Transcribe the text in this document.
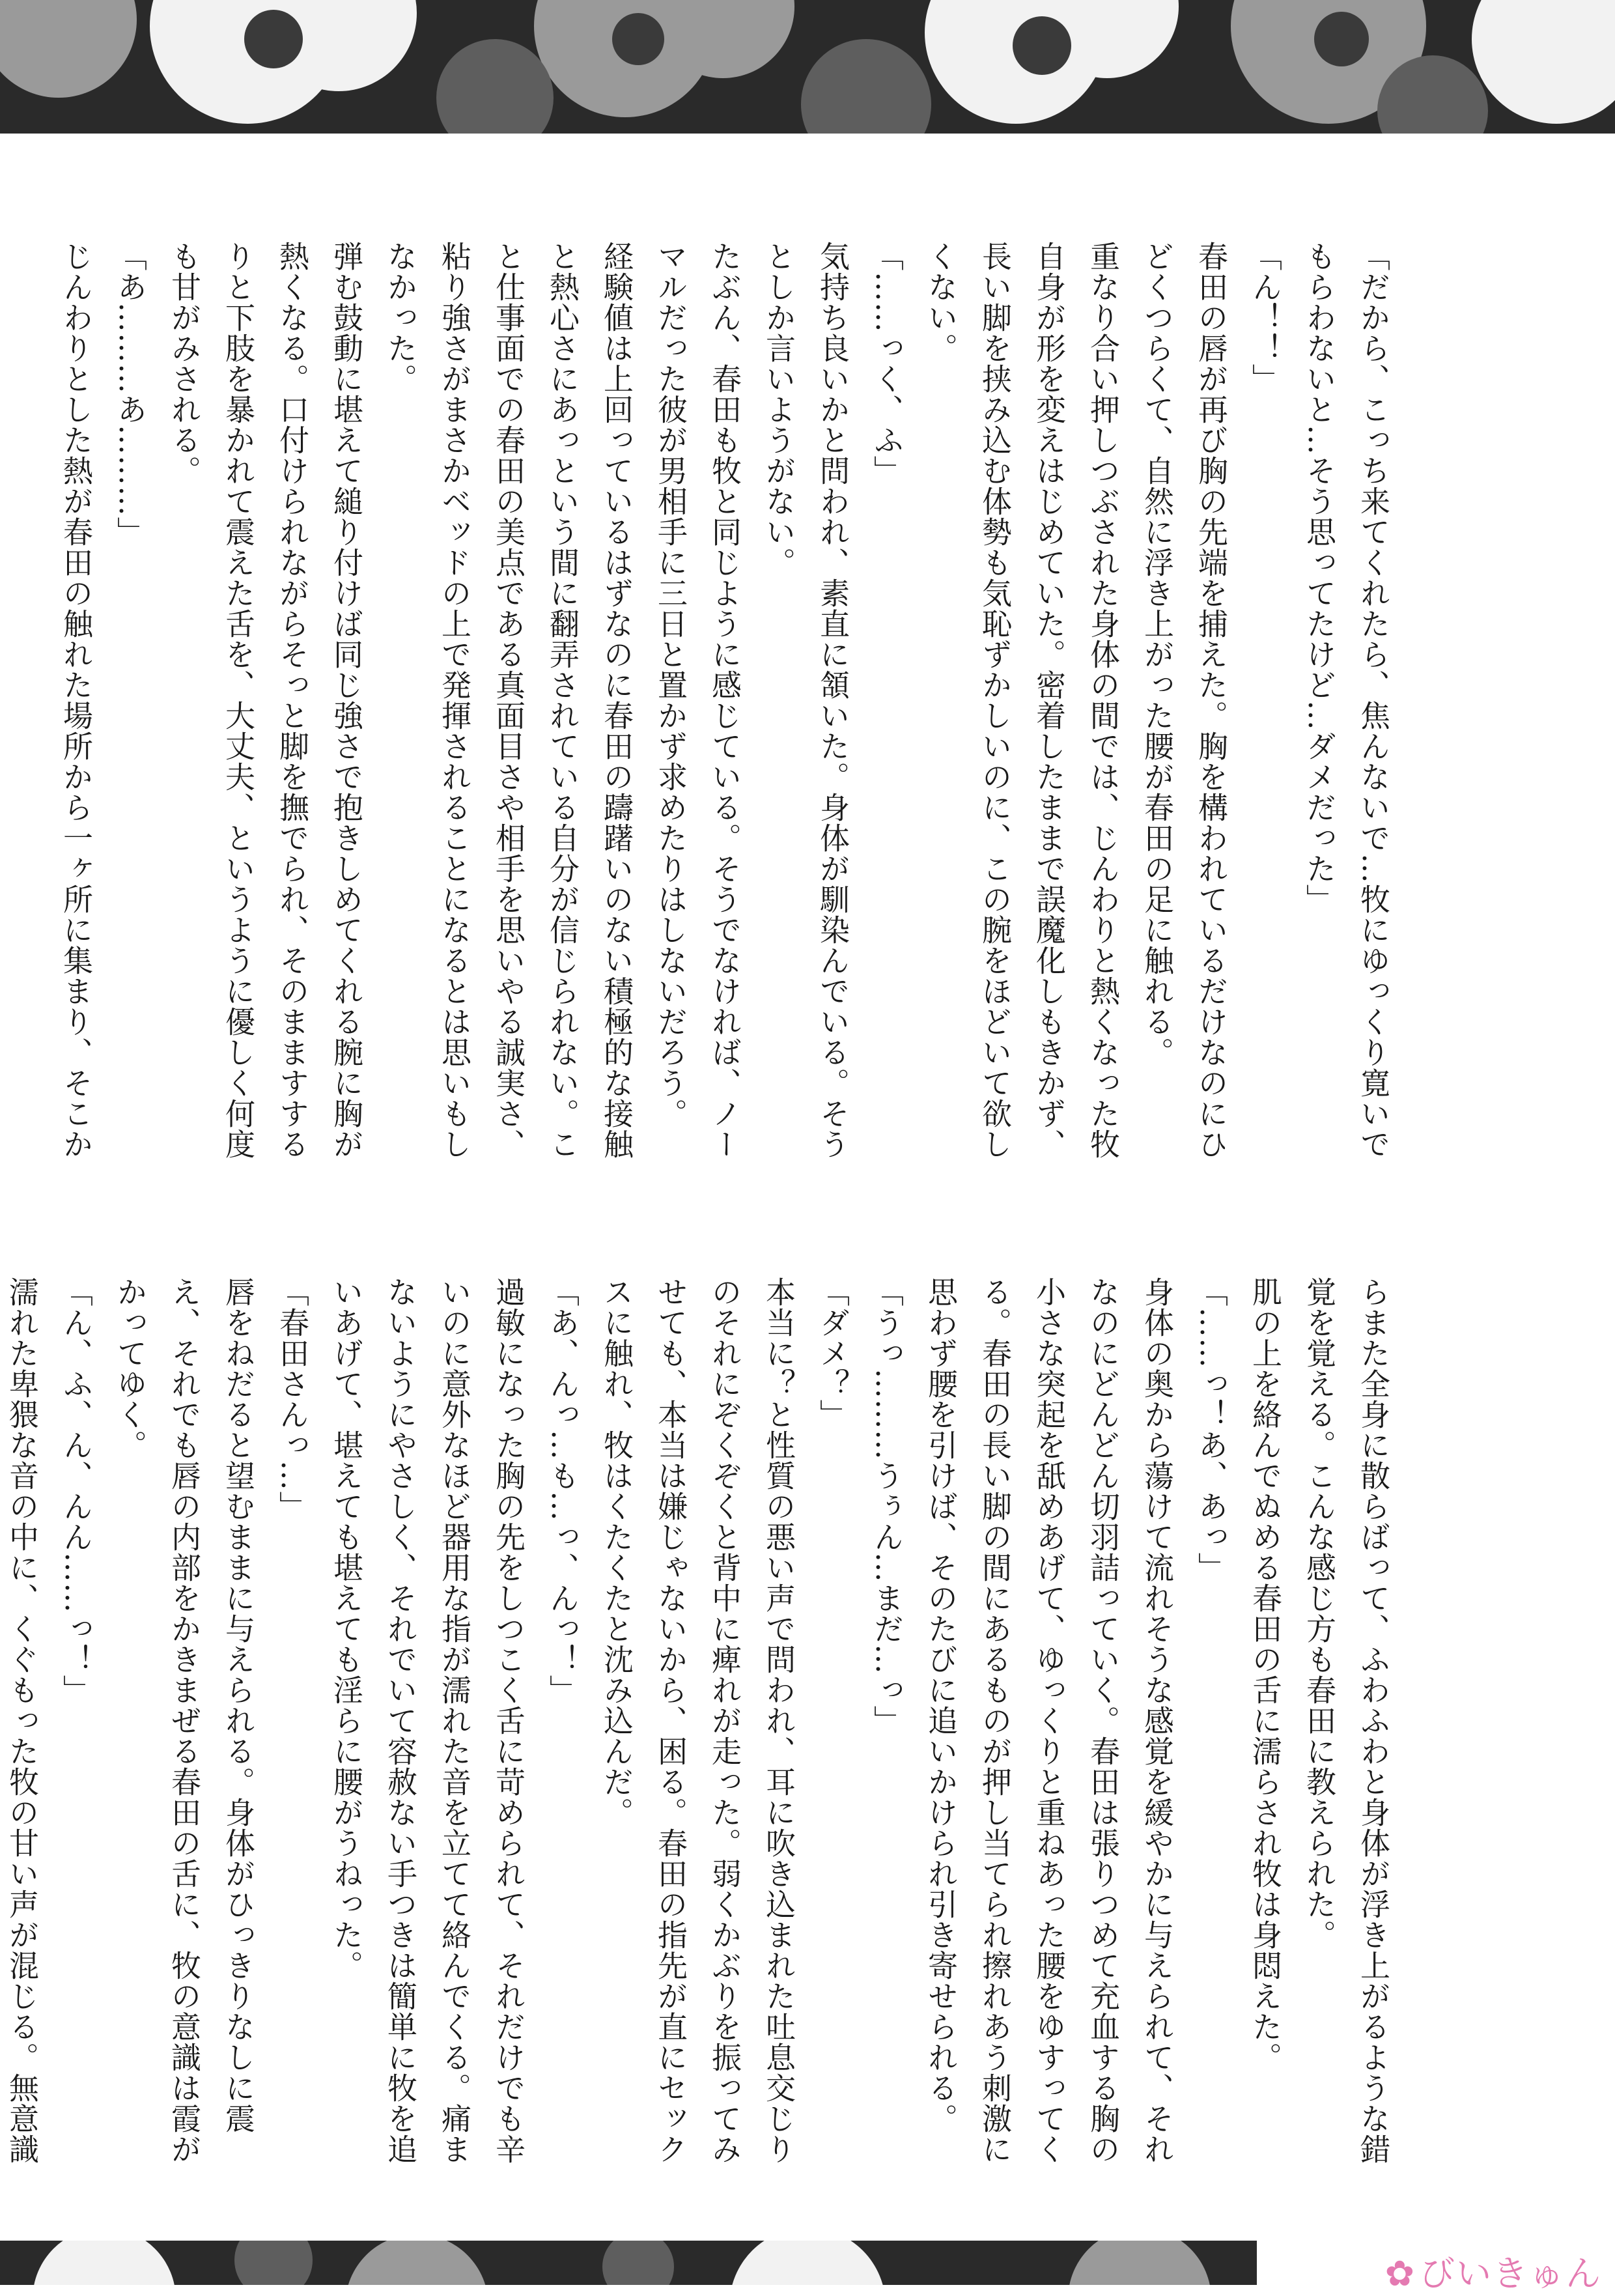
「だから、こっち来てくれたら、焦んないで…牧にゆっくり寛いでもらわないと…そう思ってたけど…ダメだった」

「ん！！」

春田の唇が再び胸の先端を捕えた。胸を構われているだけなのにひどくつらくて、自然に浮き上がった腰が春田の足に触れる。

重なり合い押しつぶされた身体の間では、じんわりと熱くなった牧自身が形を変えはじめていた。密着したままで誤魔化しもきかず、長い脚を挟み込む体勢も気恥ずかしいのに、この腕をほどいて欲しくない。

「……っく、ふ」

気持ち良いかと問われ、素直に頷いた。身体が馴染んでいる。そうとしか言いようがない。

たぶん、春田も牧と同じように感じている。そうでなければ、ノーマルだった彼が男相手に三日と置かず求めたりはしないだろう。

経験値は上回っているはずなのに春田の躊躇いのない積極的な接触と熱心さにあっという間に翻弄されている自分が信じられない。こと仕事面での春田の美点である真面目さや相手を思いやる誠実さ、粘り強さがまさかベッドの上で発揮されることになるとは思いもしなかった。

弾む鼓動に堪えて縋り付けば同じ強さで抱きしめてくれる腕に胸が熱くなる。口付けられながらそっと脚を撫でられ、そのまますするりと下肢を暴かれて震えた舌を、大丈夫、というように優しく何度も甘がみされる。

「あ………あ………」

じんわりとした熱が春田の触れた場所から一ヶ所に集まり、そこか

らまた全身に散らばって、ふわふわと身体が浮き上がるような錯覚を覚える。こんな感じ方も春田に教えられた。

肌の上を絡んでぬめる春田の舌に濡らされ牧は身悶えた。

「……っ！あ、あっ」

身体の奥から蕩けて流れそうな感覚を緩やかに与えられて、それなのにどんどん切羽詰っていく。春田は張りつめて充血する胸の小さな突起を舐めあげて、ゆっくりと重ねあった腰をゆすってくる。春田の長い脚の間にあるものが押し当てられ擦れあう刺激に思わず腰を引けば、そのたびに追いかけられ引き寄せられる。

「うっ………うぅん…まだ…っ」

「ダメ？」

本当に？と性質の悪い声で問われ、耳に吹き込まれた吐息交じりのそれにぞくぞくと背中に痺れが走った。弱くかぶりを振ってみせても、本当は嫌じゃないから、困る。春田の指先が直にセックスに触れ、牧はくたくたと沈み込んだ。

「あ、んっ…も…っ、んっ！」

過敏になった胸の先をしつこく舌に苛められて、それだけでも辛いのに意外なほど器用な指が濡れた音を立てて絡んでくる。痛まないようにやさしく、それでいて容赦ない手つきは簡単に牧を追いあげて、堪えても堪えても淫らに腰がうねった。

「春田さんっ…」

唇をねだると望むままに与えられる。身体がひっきりなしに震え、それでも唇の内部をかきまぜる春田の舌に、牧の意識は霞がかってゆく。

「ん、ふ、ん、んん……っ！」

濡れた卑猥な音の中に、くぐもった牧の甘い声が混じる。無意識

✿ びいきゅん
